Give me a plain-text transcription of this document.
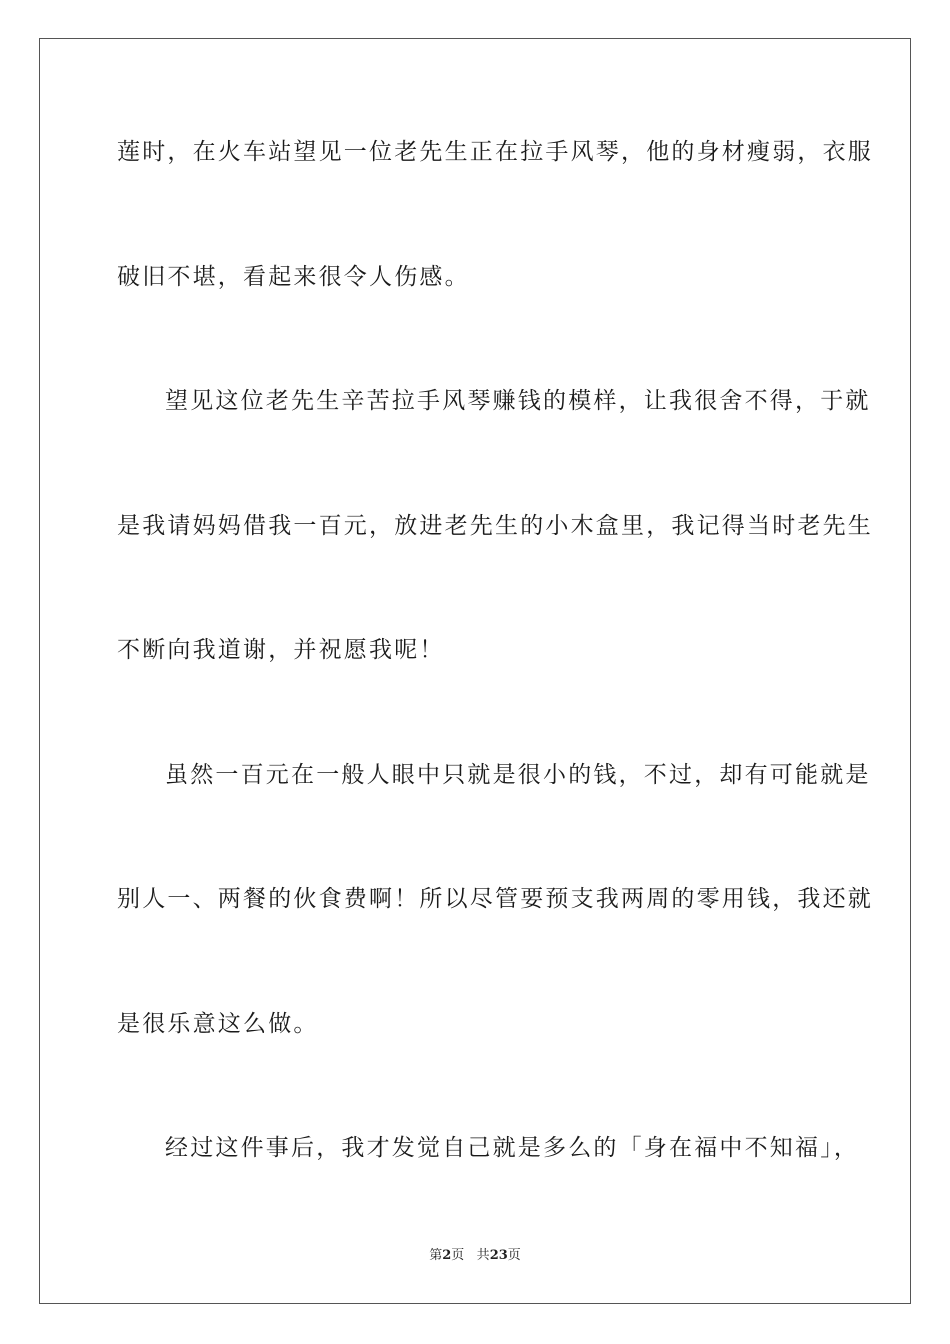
莲时，在火车站望见一位老先生正在拉手风琴，他的身材瘦弱，衣服
破旧不堪，看起来很令人伤感。
望见这位老先生辛苦拉手风琴赚钱的模样，让我很舍不得，于就
是我请妈妈借我一百元，放进老先生的小木盒里，我记得当时老先生
不断向我道谢，并祝愿我呢！
虽然一百元在一般人眼中只就是很小的钱，不过，却有可能就是
别人一、两餐的伙食费啊！所以尽管要预支我两周的零用钱，我还就
是很乐意这么做。
经过这件事后，我才发觉自己就是多么的「身在福中不知福」，
第2页 共23页
